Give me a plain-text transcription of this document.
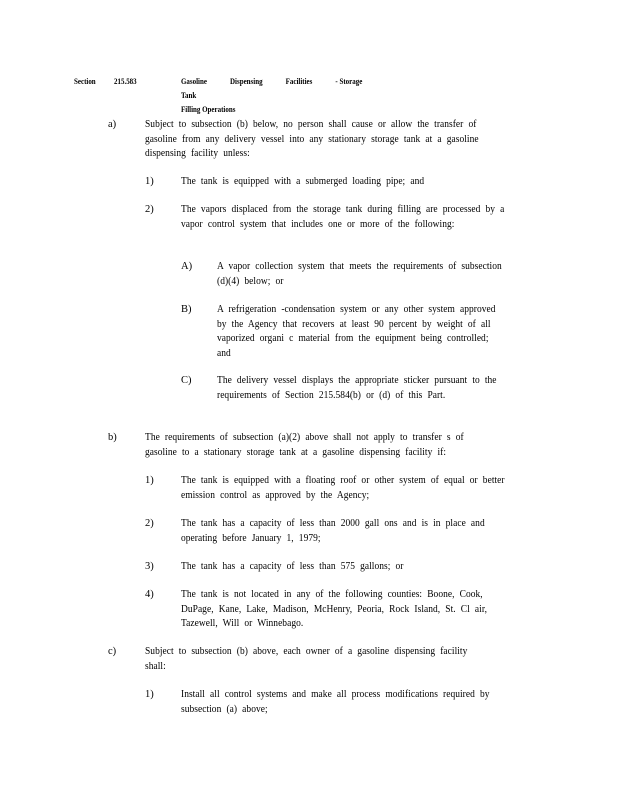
Section 215.583	Gasoline	Dispensing	Facilities	- Storage Tank
Filling Operations
a)	Subject to subsection (b) below, no person shall cause or allow the transfer of gasoline from any delivery vessel into any stationary storage tank at a gasoline dispensing facility unless:
1)	The tank is equipped with a submerged loading pipe; and
2)	The vapors displaced from the storage tank during filling are processed by a vapor control system that includes one or more of the following:
A) A vapor collection system that meets the requirements of subsection (d)(4) below; or
B) A refrigeration -condensation system or any other system approved by the Agency that recovers at least 90 percent by weight of all vaporized organi c material from the equipment being controlled; and
C) The delivery vessel displays the appropriate sticker pursuant to the requirements of Section 215.584(b) or (d) of this Part.
b)	The requirements of subsection (a)(2) above shall not apply to transfer s of gasoline to a stationary storage tank at a gasoline dispensing facility if:
1)	The tank is equipped with a floating roof or other system of equal or better emission control as approved by the Agency;
2)	The tank has a capacity of less than 2000 gall ons and is in place and operating before January 1, 1979;
3)	The tank has a capacity of less than 575 gallons; or
4)	The tank is not located in any of the following counties: Boone, Cook, DuPage, Kane, Lake, Madison, McHenry, Peoria, Rock Island, St. Cl air, Tazewell, Will or Winnebago.
c)	Subject to subsection (b) above, each owner of a gasoline dispensing facility shall:
1)	Install all control systems and make all process modifications required by subsection (a) above;
